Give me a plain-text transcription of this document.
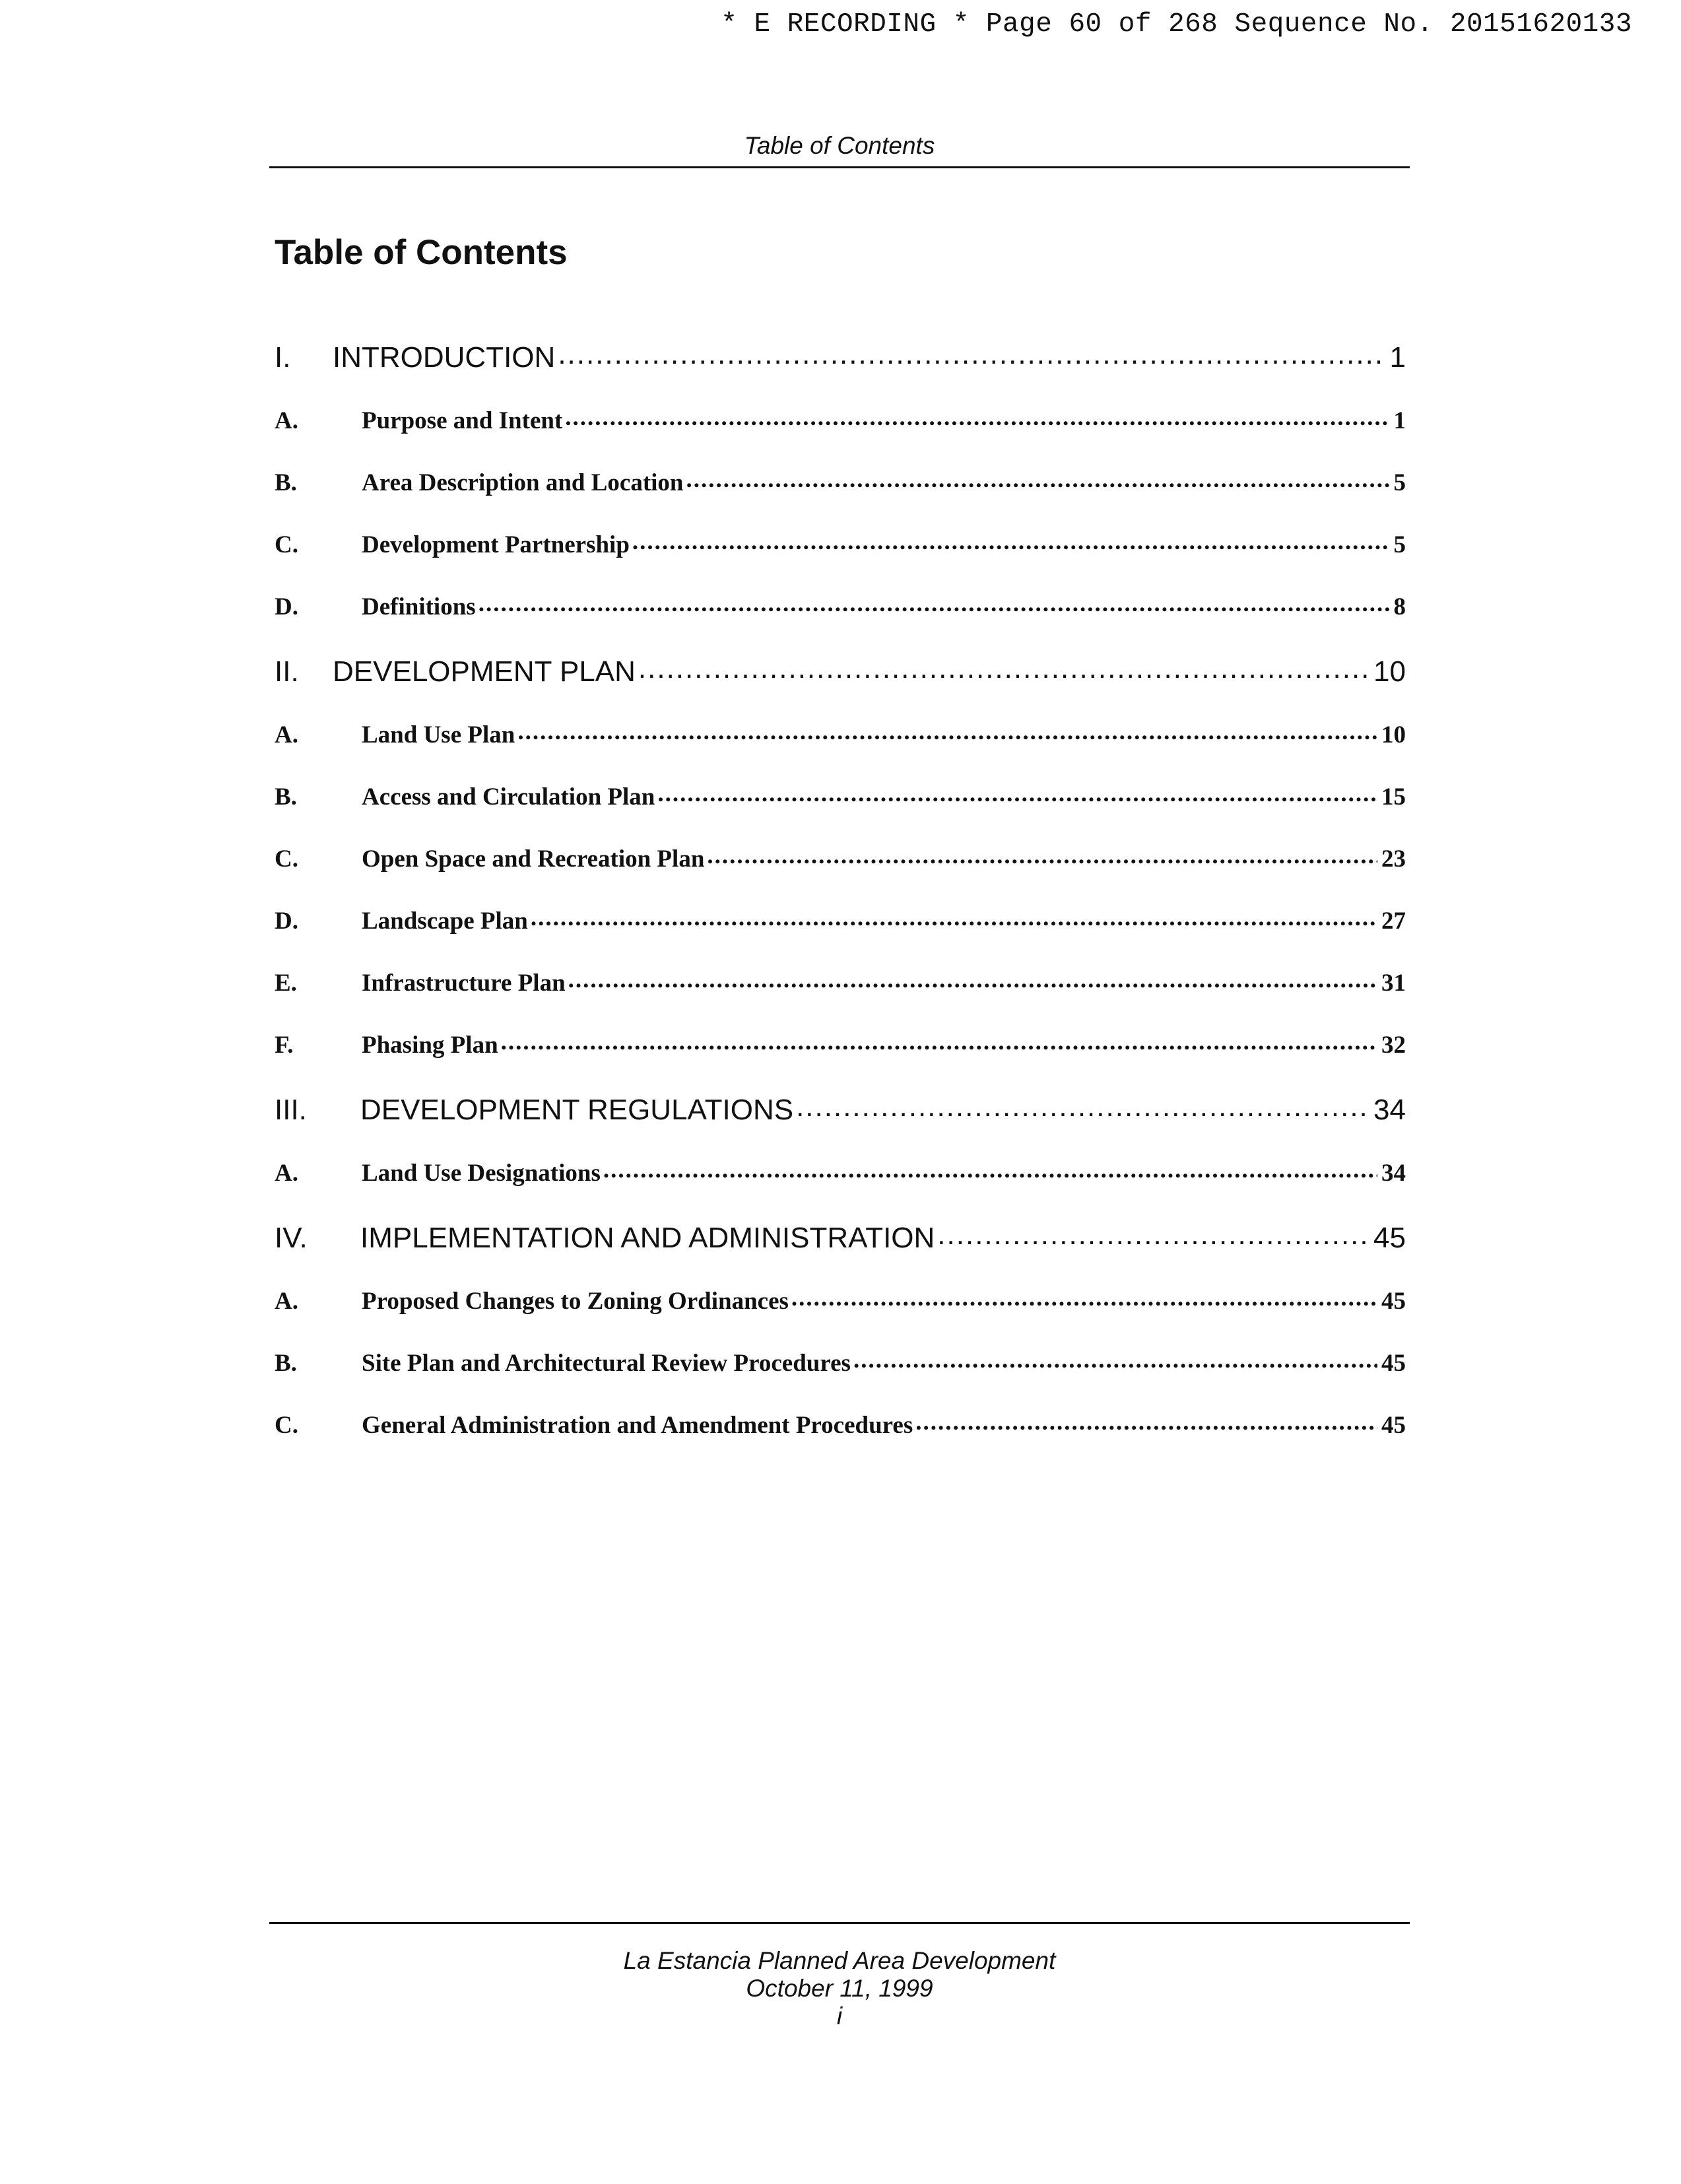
* E RECORDING * Page 60 of 268 Sequence No. 20151620133
Table of Contents
Table of Contents
I.	INTRODUCTION .....	1
A.	Purpose and Intent .....	1
B.	Area Description and Location .....	5
C.	Development Partnership .....	5
D.	Definitions .....	8
II.	DEVELOPMENT PLAN .....	10
A.	Land Use Plan .....	10
B.	Access and Circulation Plan .....	15
C.	Open Space and Recreation Plan .....	23
D.	Landscape Plan .....	27
E.	Infrastructure Plan .....	31
F.	Phasing Plan .....	32
III.	DEVELOPMENT REGULATIONS .....	34
A.	Land Use Designations .....	34
IV.	IMPLEMENTATION AND ADMINISTRATION .....	45
A.	Proposed Changes to Zoning Ordinances .....	45
B.	Site Plan and Architectural Review Procedures .....	45
C.	General Administration and Amendment Procedures .....	45
La Estancia Planned Area Development
October 11, 1999
i
